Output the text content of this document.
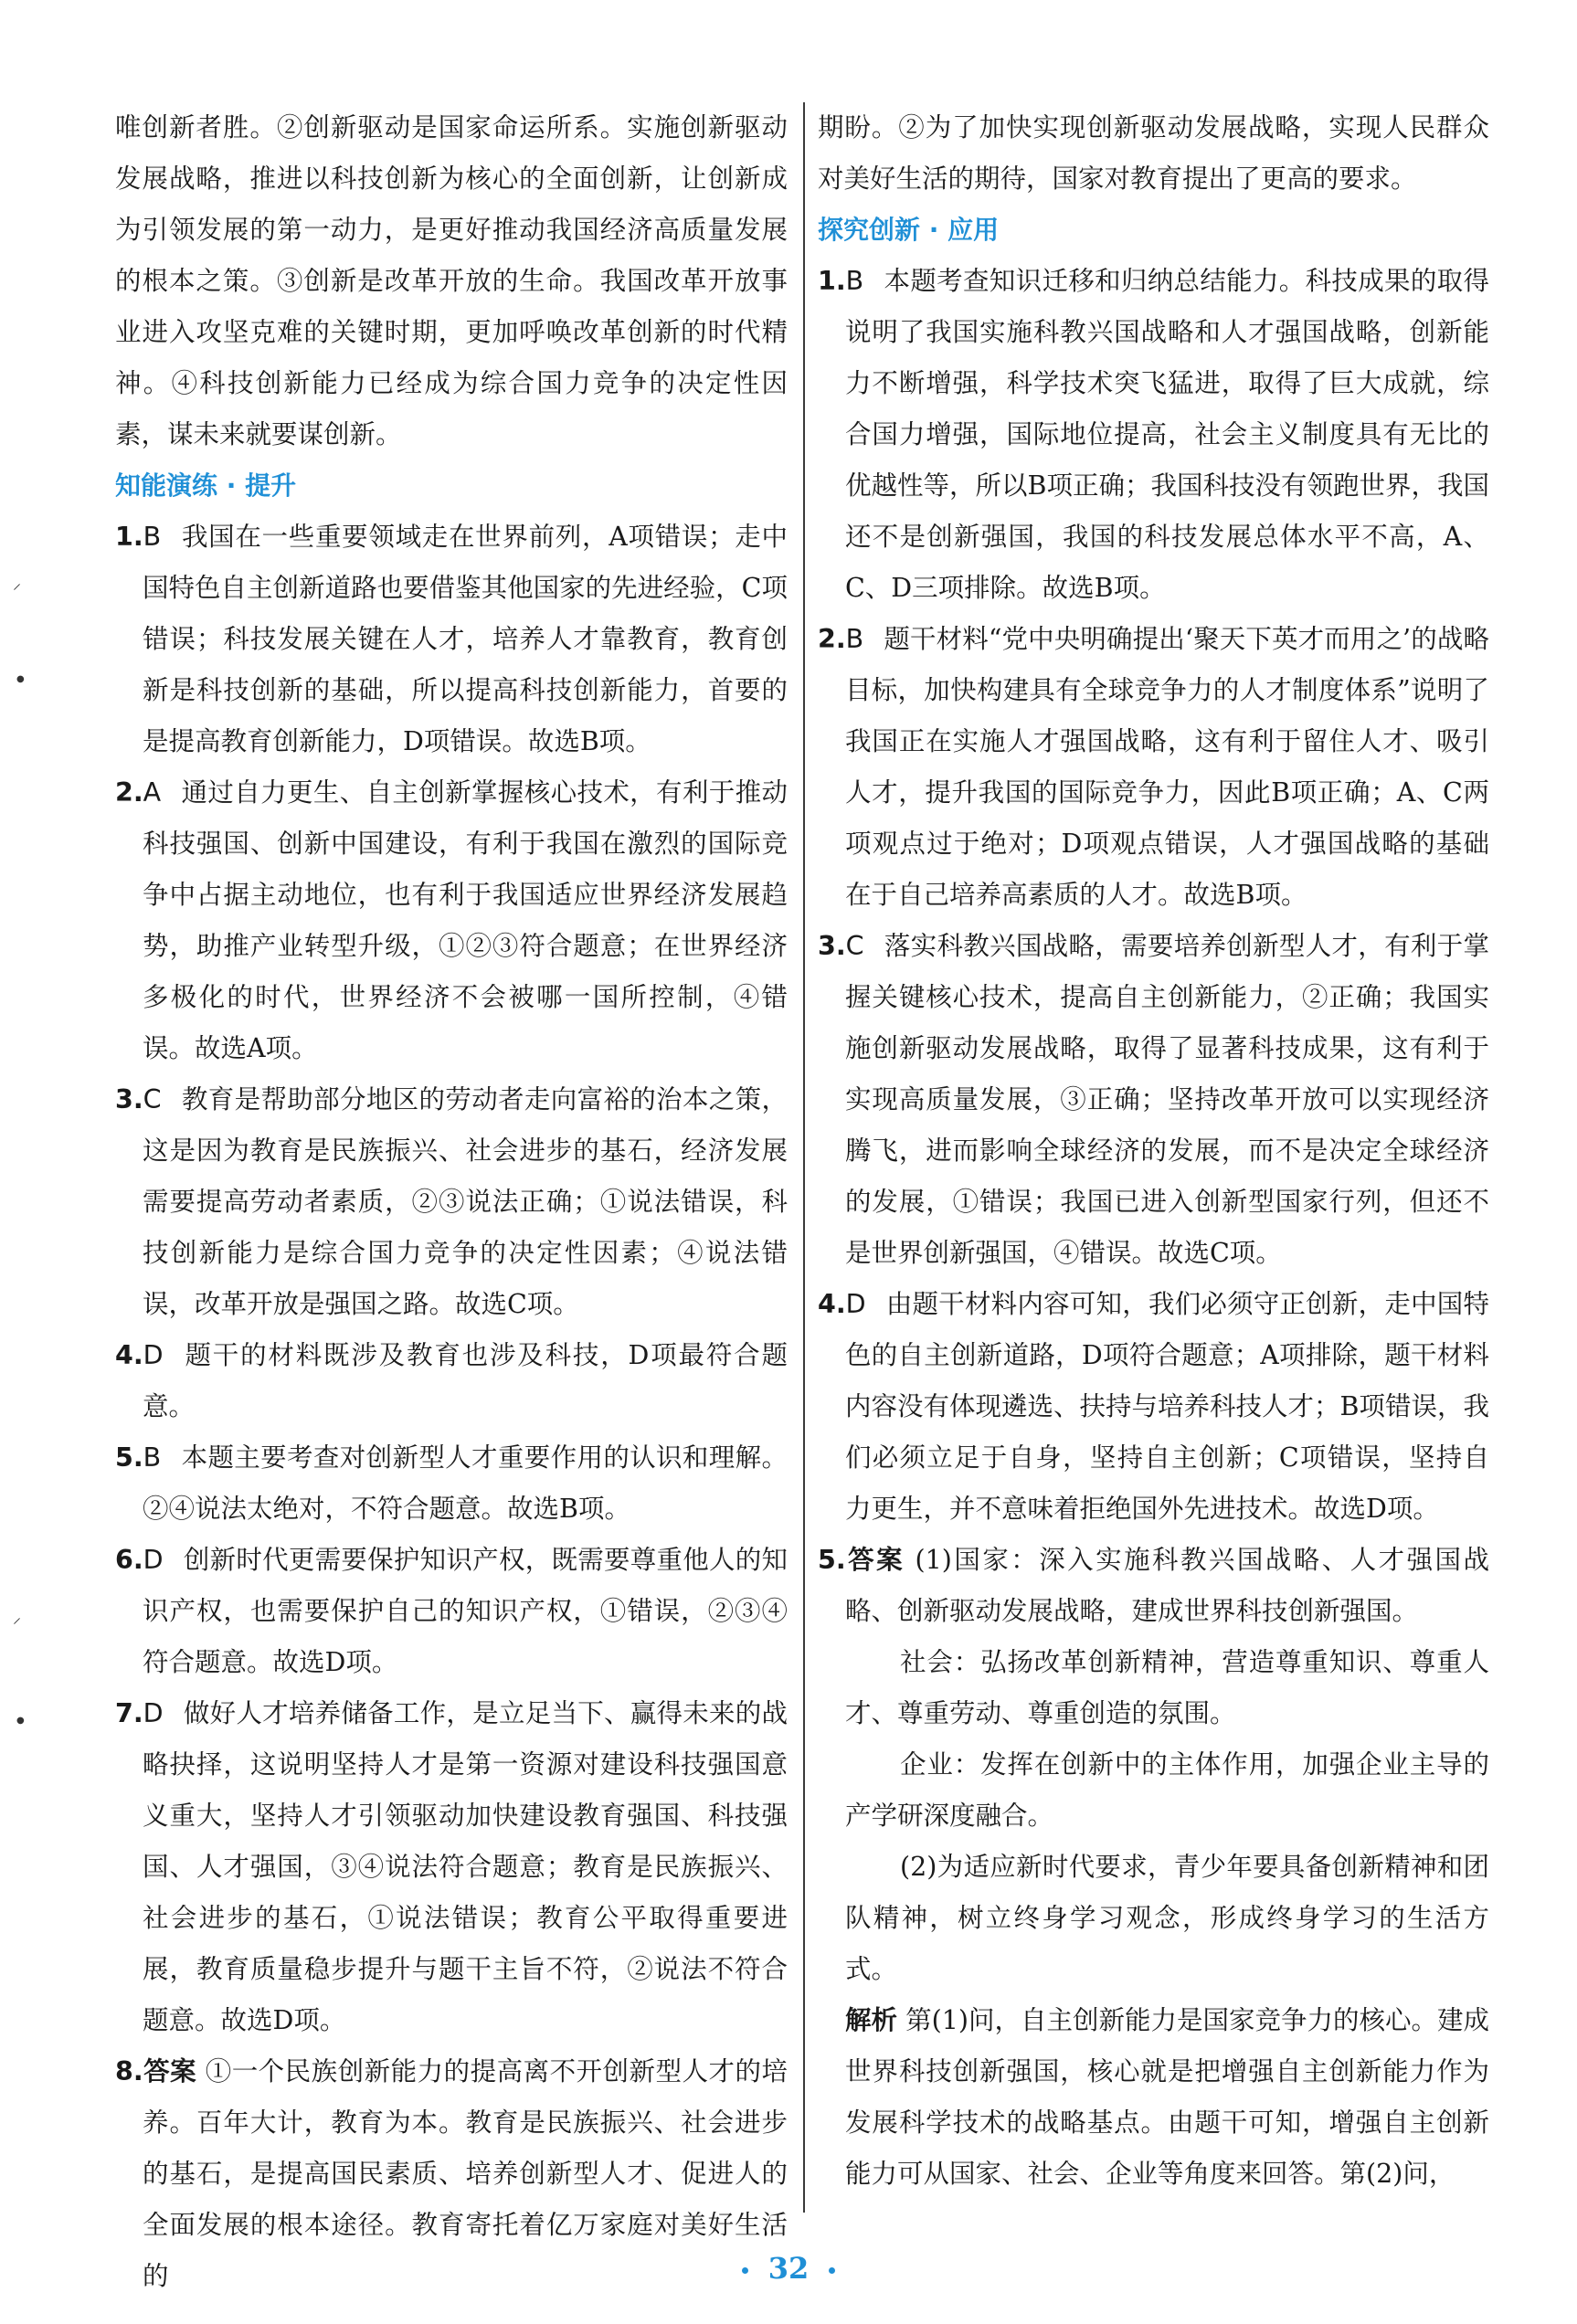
⸍
●
⸍
●

唯创新者胜。②创新驱动是国家命运所系。实施创新驱动发展战略，推进以科技创新为核心的全面创新，让创新成为引领发展的第一动力，是更好推动我国经济高质量发展的根本之策。③创新是改革开放的生命。我国改革开放事业进入攻坚克难的关键时期，更加呼唤改革创新的时代精神。④科技创新能力已经成为综合国力竞争的决定性因素，谋未来就要谋创新。

知能演练 · 提升

1.B 我国在一些重要领域走在世界前列，A项错误；走中国特色自主创新道路也要借鉴其他国家的先进经验，C项错误；科技发展关键在人才，培养人才靠教育，教育创新是科技创新的基础，所以提高科技创新能力，首要的是提高教育创新能力，D项错误。故选B项。

2.A 通过自力更生、自主创新掌握核心技术，有利于推动科技强国、创新中国建设，有利于我国在激烈的国际竞争中占据主动地位，也有利于我国适应世界经济发展趋势，助推产业转型升级，①②③符合题意；在世界经济多极化的时代，世界经济不会被哪一国所控制，④错误。故选A项。

3.C 教育是帮助部分地区的劳动者走向富裕的治本之策，这是因为教育是民族振兴、社会进步的基石，经济发展需要提高劳动者素质，②③说法正确；①说法错误，科技创新能力是综合国力竞争的决定性因素；④说法错误，改革开放是强国之路。故选C项。

4.D 题干的材料既涉及教育也涉及科技，D项最符合题意。

5.B 本题主要考查对创新型人才重要作用的认识和理解。②④说法太绝对，不符合题意。故选B项。

6.D 创新时代更需要保护知识产权，既需要尊重他人的知识产权，也需要保护自己的知识产权，①错误，②③④符合题意。故选D项。

7.D 做好人才培养储备工作，是立足当下、赢得未来的战略抉择，这说明坚持人才是第一资源对建设科技强国意义重大，坚持人才引领驱动加快建设教育强国、科技强国、人才强国，③④说法符合题意；教育是民族振兴、社会进步的基石，①说法错误；教育公平取得重要进展，教育质量稳步提升与题干主旨不符，②说法不符合题意。故选D项。

8.答案 ①一个民族创新能力的提高离不开创新型人才的培养。百年大计，教育为本。教育是民族振兴、社会进步的基石，是提高国民素质、培养创新型人才、促进人的全面发展的根本途径。教育寄托着亿万家庭对美好生活的

期盼。②为了加快实现创新驱动发展战略，实现人民群众对美好生活的期待，国家对教育提出了更高的要求。

探究创新 · 应用

1.B 本题考查知识迁移和归纳总结能力。科技成果的取得说明了我国实施科教兴国战略和人才强国战略，创新能力不断增强，科学技术突飞猛进，取得了巨大成就，综合国力增强，国际地位提高，社会主义制度具有无比的优越性等，所以B项正确；我国科技没有领跑世界，我国还不是创新强国，我国的科技发展总体水平不高，A、C、D三项排除。故选B项。

2.B 题干材料“党中央明确提出‘聚天下英才而用之’的战略目标，加快构建具有全球竞争力的人才制度体系”说明了我国正在实施人才强国战略，这有利于留住人才、吸引人才，提升我国的国际竞争力，因此B项正确；A、C两项观点过于绝对；D项观点错误，人才强国战略的基础在于自己培养高素质的人才。故选B项。

3.C 落实科教兴国战略，需要培养创新型人才，有利于掌握关键核心技术，提高自主创新能力，②正确；我国实施创新驱动发展战略，取得了显著科技成果，这有利于实现高质量发展，③正确；坚持改革开放可以实现经济腾飞，进而影响全球经济的发展，而不是决定全球经济的发展，①错误；我国已进入创新型国家行列，但还不是世界创新强国，④错误。故选C项。

4.D 由题干材料内容可知，我们必须守正创新，走中国特色的自主创新道路，D项符合题意；A项排除，题干材料内容没有体现遴选、扶持与培养科技人才；B项错误，我们必须立足于自身，坚持自主创新；C项错误，坚持自力更生，并不意味着拒绝国外先进技术。故选D项。

5.答案 (1)国家：深入实施科教兴国战略、人才强国战略、创新驱动发展战略，建成世界科技创新强国。

社会：弘扬改革创新精神，营造尊重知识、尊重人才、尊重劳动、尊重创造的氛围。

企业：发挥在创新中的主体作用，加强企业主导的产学研深度融合。

(2)为适应新时代要求，青少年要具备创新精神和团队精神，树立终身学习观念，形成终身学习的生活方式。

解析 第(1)问，自主创新能力是国家竞争力的核心。建成世界科技创新强国，核心就是把增强自主创新能力作为发展科学技术的战略基点。由题干可知，增强自主创新能力可从国家、社会、企业等角度来回答。第(2)问，

32
